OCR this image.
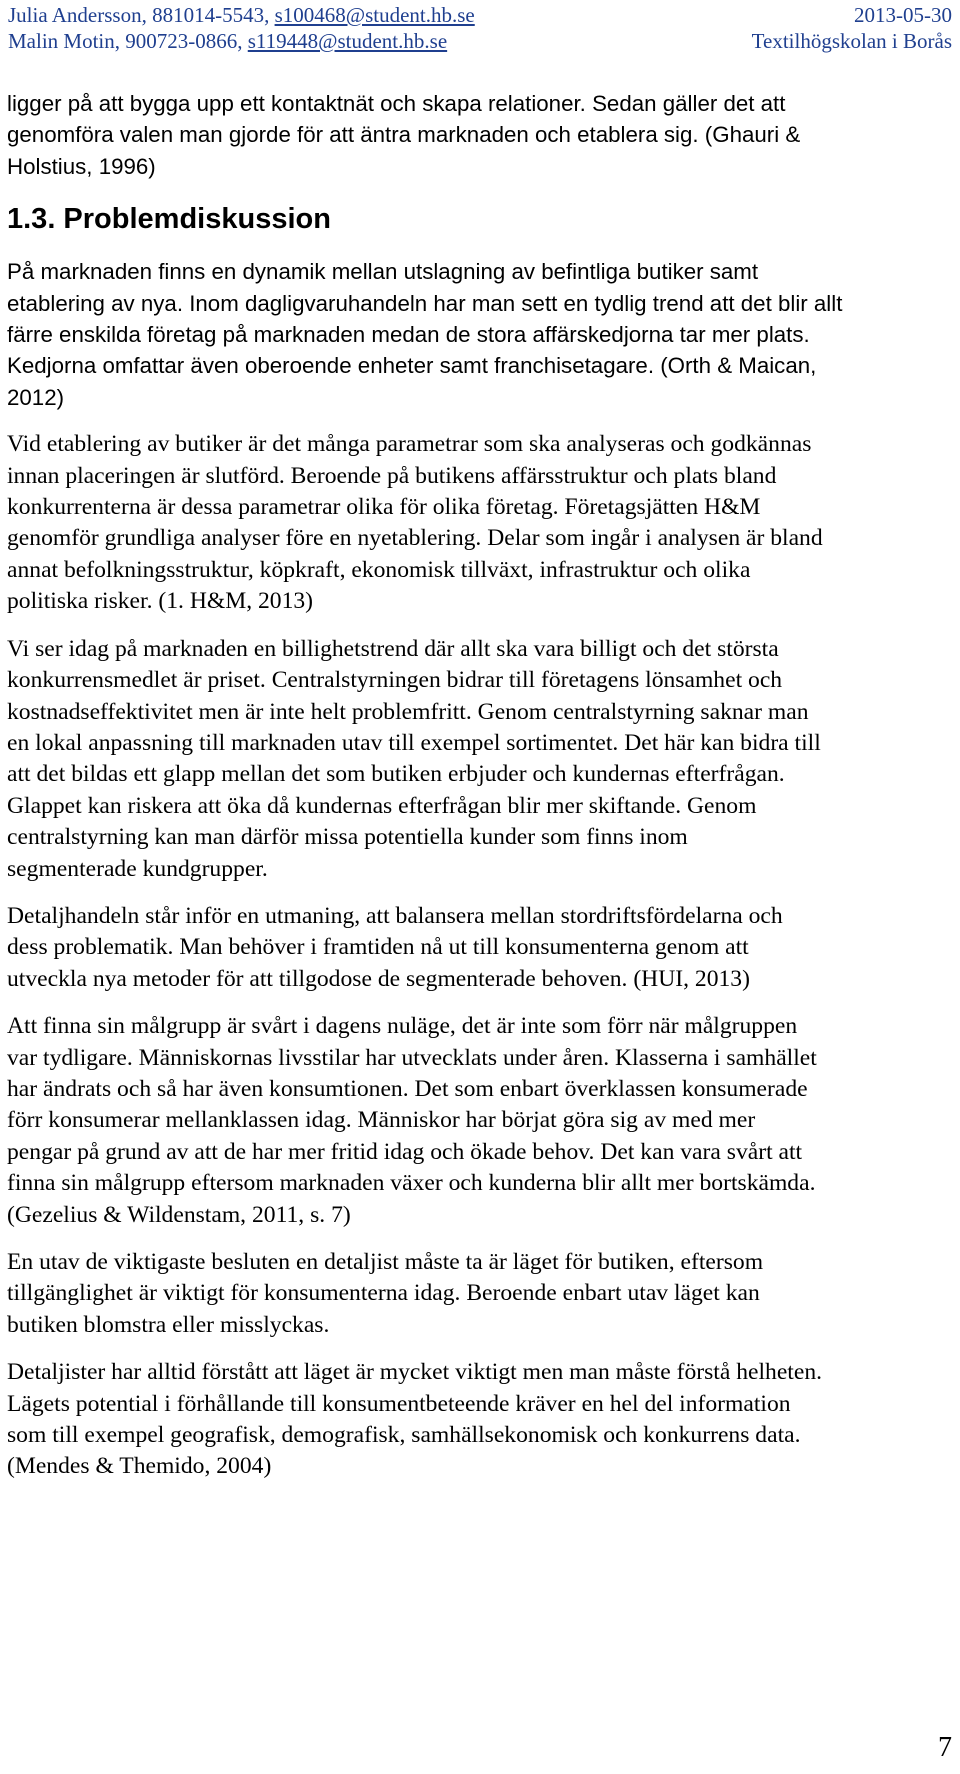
Julia Andersson, 881014-5543, s100468@student.hb.se	2013-05-30
Malin Motin, 900723-0866, s119448@student.hb.se	Textilhögskolan i Borås

ligger på att bygga upp ett kontaktnät och skapa relationer. Sedan gäller det att
genomföra valen man gjorde för att äntra marknaden och etablera sig. (Ghauri &
Holstius, 1996)

1.3. Problemdiskussion

På marknaden finns en dynamik mellan utslagning av befintliga butiker samt
etablering av nya. Inom dagligvaruhandeln har man sett en tydlig trend att det blir allt
färre enskilda företag på marknaden medan de stora affärskedjorna tar mer plats.
Kedjorna omfattar även oberoende enheter samt franchisetagare. (Orth & Maican,
2012)

Vid etablering av butiker är det många parametrar som ska analyseras och godkännas
innan placeringen är slutförd. Beroende på butikens affärsstruktur och plats bland
konkurrenterna är dessa parametrar olika för olika företag. Företagsjätten H&M
genomför grundliga analyser före en nyetablering. Delar som ingår i analysen är bland
annat befolkningsstruktur, köpkraft, ekonomisk tillväxt, infrastruktur och olika
politiska risker. (1. H&M, 2013)

Vi ser idag på marknaden en billighetstrend där allt ska vara billigt och det största
konkurrensmedlet är priset. Centralstyrningen bidrar till företagens lönsamhet och
kostnadseffektivitet men är inte helt problemfritt. Genom centralstyrning saknar man
en lokal anpassning till marknaden utav till exempel sortimentet. Det här kan bidra till
att det bildas ett glapp mellan det som butiken erbjuder och kundernas efterfrågan.
Glappet kan riskera att öka då kundernas efterfrågan blir mer skiftande. Genom
centralstyrning kan man därför missa potentiella kunder som finns inom
segmenterade kundgrupper.

Detaljhandeln står inför en utmaning, att balansera mellan stordriftsfördelarna och
dess problematik. Man behöver i framtiden nå ut till konsumenterna genom att
utveckla nya metoder för att tillgodose de segmenterade behoven. (HUI, 2013)

Att finna sin målgrupp är svårt i dagens nuläge, det är inte som förr när målgruppen
var tydligare. Människornas livsstilar har utvecklats under åren. Klasserna i samhället
har ändrats och så har även konsumtionen. Det som enbart överklassen konsumerade
förr konsumerar mellanklassen idag. Människor har börjat göra sig av med mer
pengar på grund av att de har mer fritid idag och ökade behov. Det kan vara svårt att
finna sin målgrupp eftersom marknaden växer och kunderna blir allt mer bortskämda.
(Gezelius & Wildenstam, 2011, s. 7)

En utav de viktigaste besluten en detaljist måste ta är läget för butiken, eftersom
tillgänglighet är viktigt för konsumenterna idag. Beroende enbart utav läget kan
butiken blomstra eller misslyckas.

Detaljister har alltid förstått att läget är mycket viktigt men man måste förstå helheten.
Lägets potential i förhållande till konsumentbeteende kräver en hel del information
som till exempel geografisk, demografisk, samhällsekonomisk och konkurrens data.
(Mendes & Themido, 2004)

7
